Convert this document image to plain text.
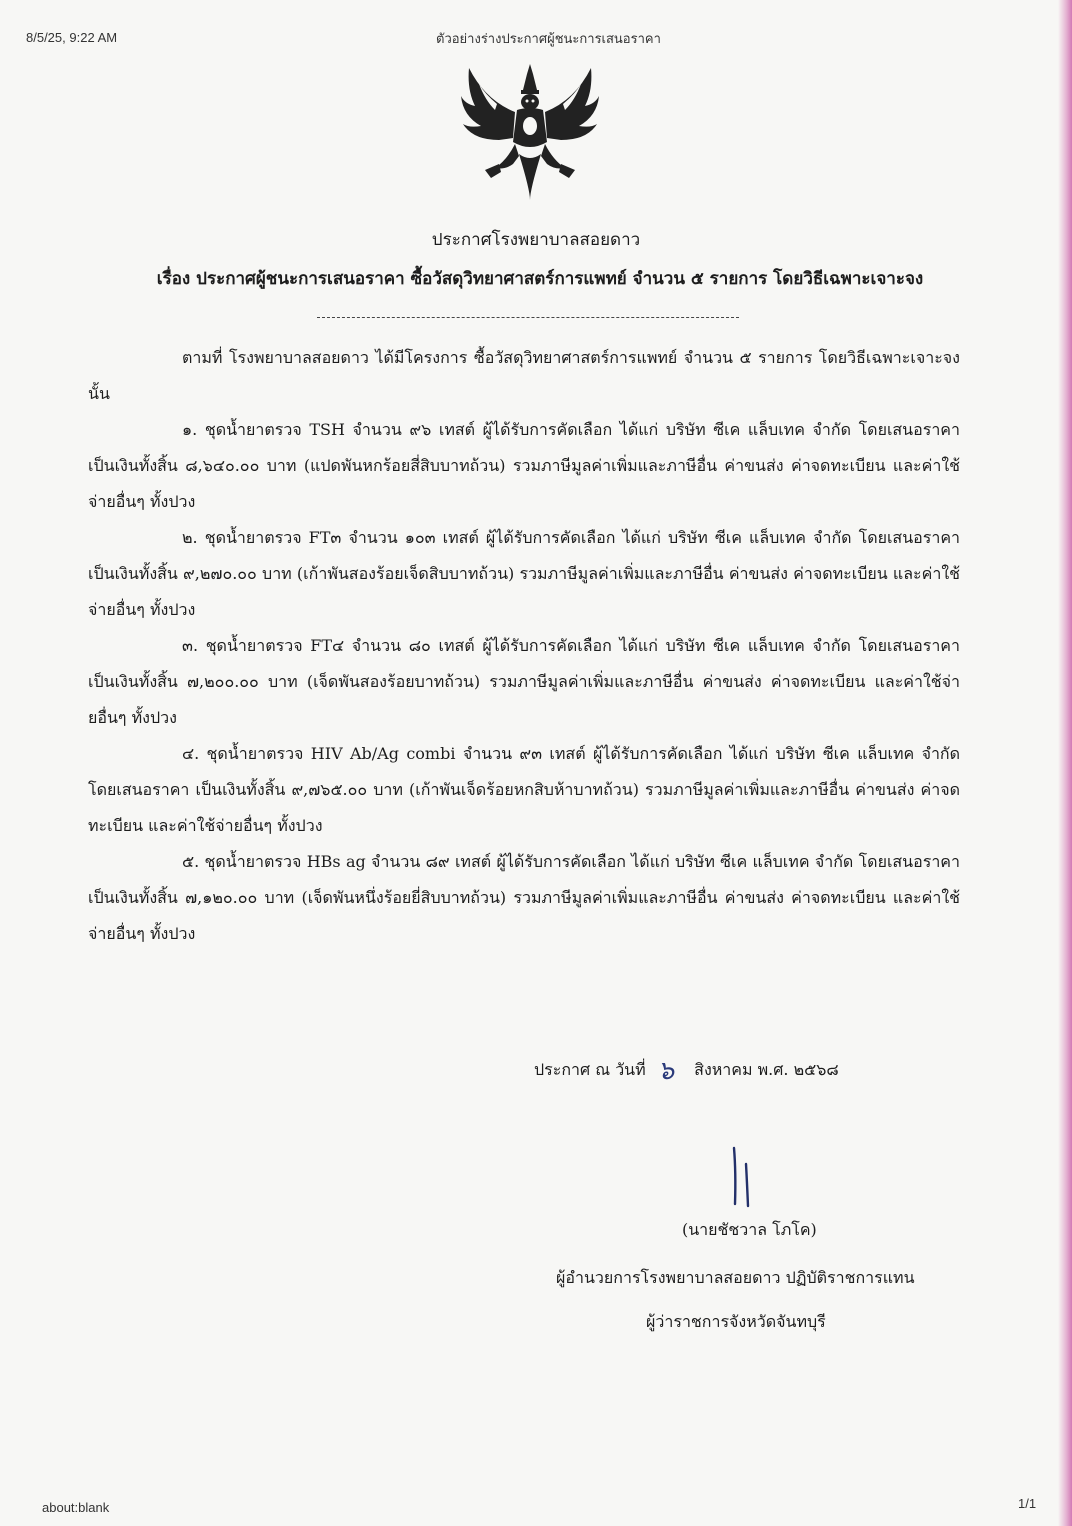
8/5/25, 9:22 AM	ตัวอย่างร่างประกาศผู้ชนะการเสนอราคา
ประกาศโรงพยาบาลสอยดาว
เรื่อง ประกาศผู้ชนะการเสนอราคา ซื้อวัสดุวิทยาศาสตร์การแพทย์ จำนวน ๕ รายการ โดยวิธีเฉพาะเจาะจง

ตามที่ โรงพยาบาลสอยดาว ได้มีโครงการ ซื้อวัสดุวิทยาศาสตร์การแพทย์ จำนวน ๕ รายการ โดยวิธีเฉพาะเจาะจง นั้น

๑. ชุดน้ำยาตรวจ TSH จำนวน ๙๖ เทสต์ ผู้ได้รับการคัดเลือก ได้แก่ บริษัท ซีเค แล็บเทค จำกัด โดยเสนอราคา เป็นเงินทั้งสิ้น ๘,๖๔๐.๐๐ บาท (แปดพันหกร้อยสี่สิบบาทถ้วน) รวมภาษีมูลค่าเพิ่มและภาษีอื่น ค่าขนส่ง ค่าจดทะเบียน และค่าใช้จ่ายอื่นๆ ทั้งปวง

๒. ชุดน้ำยาตรวจ FT๓ จำนวน ๑๐๓ เทสต์ ผู้ได้รับการคัดเลือก ได้แก่ บริษัท ซีเค แล็บเทค จำกัด โดยเสนอราคา เป็นเงินทั้งสิ้น ๙,๒๗๐.๐๐ บาท (เก้าพันสองร้อยเจ็ดสิบบาทถ้วน) รวมภาษีมูลค่าเพิ่มและภาษีอื่น ค่าขนส่ง ค่าจดทะเบียน และค่าใช้จ่ายอื่นๆ ทั้งปวง

๓. ชุดน้ำยาตรวจ FT๔ จำนวน ๘๐ เทสต์ ผู้ได้รับการคัดเลือก ได้แก่ บริษัท ซีเค แล็บเทค จำกัด โดยเสนอราคา เป็นเงินทั้งสิ้น ๗,๒๐๐.๐๐ บาท (เจ็ดพันสองร้อยบาทถ้วน) รวมภาษีมูลค่าเพิ่มและภาษีอื่น ค่าขนส่ง ค่าจดทะเบียน และค่าใช้จ่ายอื่นๆ ทั้งปวง

๔. ชุดน้ำยาตรวจ HIV Ab/Ag combi จำนวน ๙๓ เทสต์ ผู้ได้รับการคัดเลือก ได้แก่ บริษัท ซีเค แล็บเทค จำกัด โดยเสนอราคา เป็นเงินทั้งสิ้น ๙,๗๖๕.๐๐ บาท (เก้าพันเจ็ดร้อยหกสิบห้าบาทถ้วน) รวมภาษีมูลค่าเพิ่มและภาษีอื่น ค่าขนส่ง ค่าจดทะเบียน และค่าใช้จ่ายอื่นๆ ทั้งปวง

๕. ชุดน้ำยาตรวจ HBs ag จำนวน ๘๙ เทสต์ ผู้ได้รับการคัดเลือก ได้แก่ บริษัท ซีเค แล็บเทค จำกัด โดยเสนอราคา เป็นเงินทั้งสิ้น ๗,๑๒๐.๐๐ บาท (เจ็ดพันหนึ่งร้อยยี่สิบบาทถ้วน) รวมภาษีมูลค่าเพิ่มและภาษีอื่น ค่าขนส่ง ค่าจดทะเบียน และค่าใช้จ่ายอื่นๆ ทั้งปวง

ประกาศ ณ วันที่ ๖ สิงหาคม พ.ศ. ๒๕๖๘
(นายชัชวาล โภโค)
ผู้อำนวยการโรงพยาบาลสอยดาว ปฏิบัติราชการแทน
ผู้ว่าราชการจังหวัดจันทบุรี
about:blank	1/1
